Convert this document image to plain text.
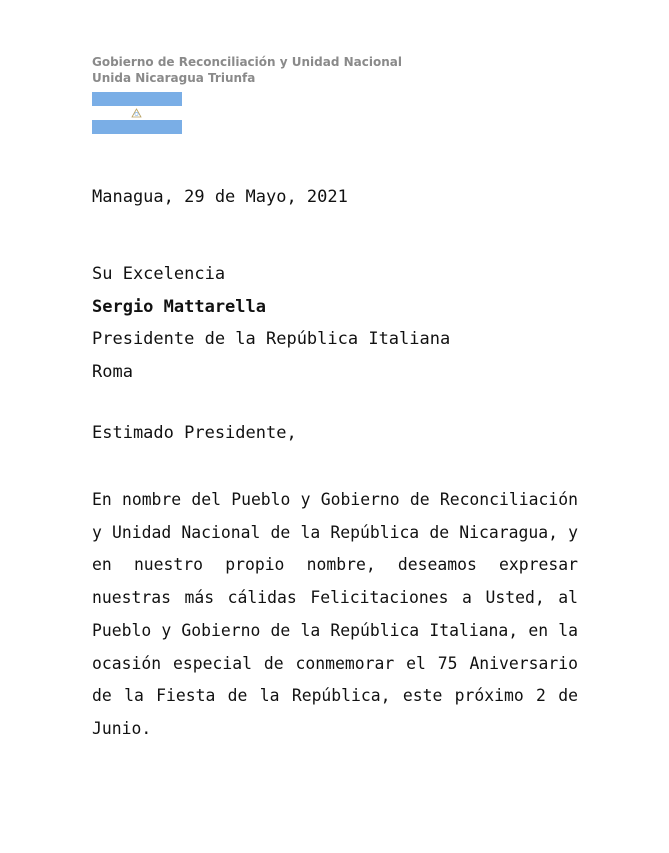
Gobierno de Reconciliación y Unidad Nacional
Unida Nicaragua Triunfa

Managua, 29 de Mayo, 2021

Su Excelencia
Sergio Mattarella
Presidente de la República Italiana
Roma

Estimado Presidente,

En nombre del Pueblo y Gobierno de Reconciliación y Unidad Nacional de la República de Nicaragua, y en nuestro propio nombre, deseamos expresar nuestras más cálidas Felicitaciones a Usted, al Pueblo y Gobierno de la República Italiana, en la ocasión especial de conmemorar el 75 Aniversario de la Fiesta de la República, este próximo 2 de Junio.
